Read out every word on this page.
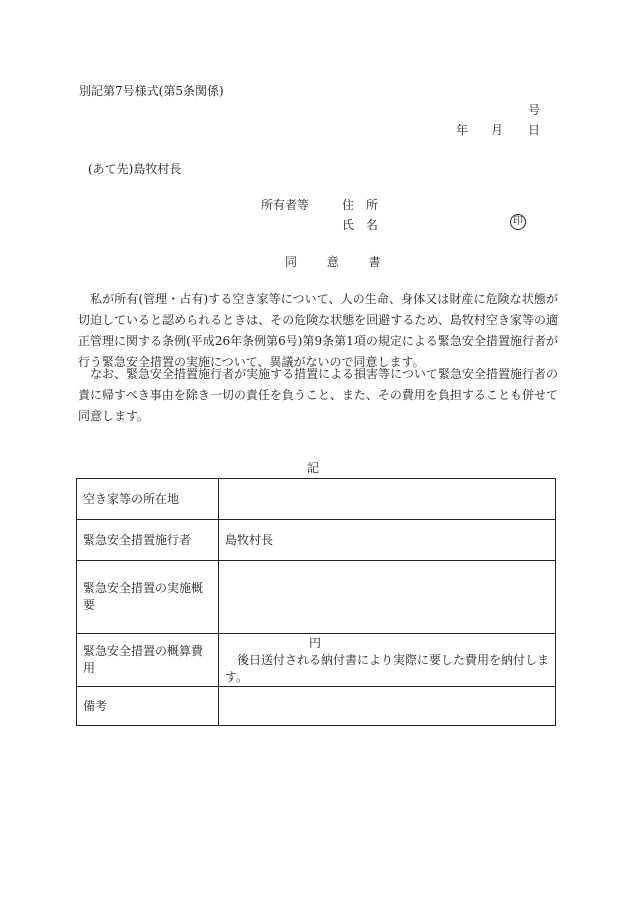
別記第7号様式(第5条関係)
号
年 月 日
(あて先)島牧村長
所有者等	住 所
氏 名	印
同 意 書

私が所有(管理・占有)する空き家等について、人の生命、身体又は財産に危険な状態が切迫していると認められるときは、その危険な状態を回避するため、島牧村空き家等の適正管理に関する条例(平成26年条例第6号)第9条第1項の規定による緊急安全措置施行者が行う緊急安全措置の実施について、異議がないので同意します。

なお、緊急安全措置施行者が実施する措置による損害等について緊急安全措置施行者の責に帰すべき事由を除き一切の責任を負うこと、また、その費用を負担することも併せて同意します。

記
空き家等の所在地	
緊急安全措置施行者	島牧村長
緊急安全措置の実施概要	
緊急安全措置の概算費用	円
後日送付される納付書により実際に要した費用を納付します。

備考	
